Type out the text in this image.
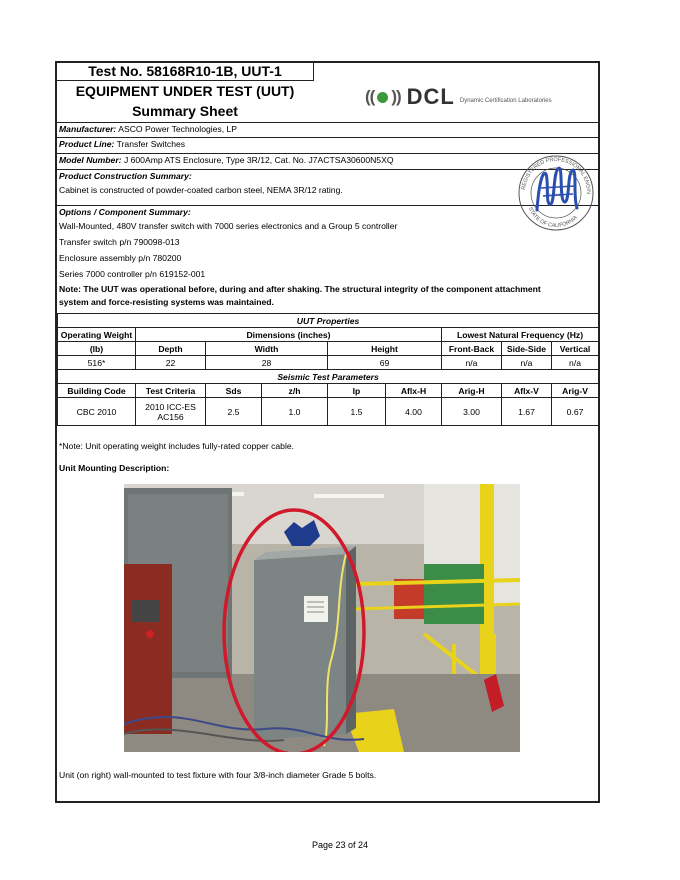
Test No. 58168R10-1B, UUT-1
EQUIPMENT UNDER TEST (UUT)
Summary Sheet
(( )) DCL Dynamic Certification Laboratories
Manufacturer: ASCO Power Technologies, LP
Product Line: Transfer Switches
Model Number: J 600Amp ATS Enclosure, Type 3R/12, Cat. No. J7ACTSA30600N5XQ
Product Construction Summary:
Cabinet is constructed of powder-coated carbon steel, NEMA 3R/12 rating.
Options / Component Summary:
Wall-Mounted, 480V transfer switch with 7000 series electronics and a Group 5 controller
Transfer switch p/n 790098-013
Enclosure assembly p/n 780200
Series 7000 controller p/n 619152-001
Note: The UUT was operational before, during and after shaking. The structural integrity of the component attachment
system and force-resisting systems was maintained.
REGISTERED PROFESSIONAL ENGIN
STATE OF CALIFORNIA
S 3 2 5 0
UUT Properties								
Operating Weight	Dimensions (inches)					Lowest Natural Frequency (Hz)		
(lb)	Depth	Width		Height		Front-Back	Side-Side	Vertical
516*	22	28		69		n/a	n/a	n/a
Seismic Test Parameters								
Building Code	Test Criteria	Sds	z/h	Ip	Aflx-H	Arig-H	Aflx-V	Arig-V
CBC 2010	2010 ICC-ES
AC156	2.5	1.0	1.5	4.00	3.00	1.67	0.67
*Note: Unit operating weight includes fully-rated copper cable.
Unit Mounting Description:
Unit (on right) wall-mounted to test fixture with four 3/8-inch diameter Grade 5 bolts.
Page 23 of 24
